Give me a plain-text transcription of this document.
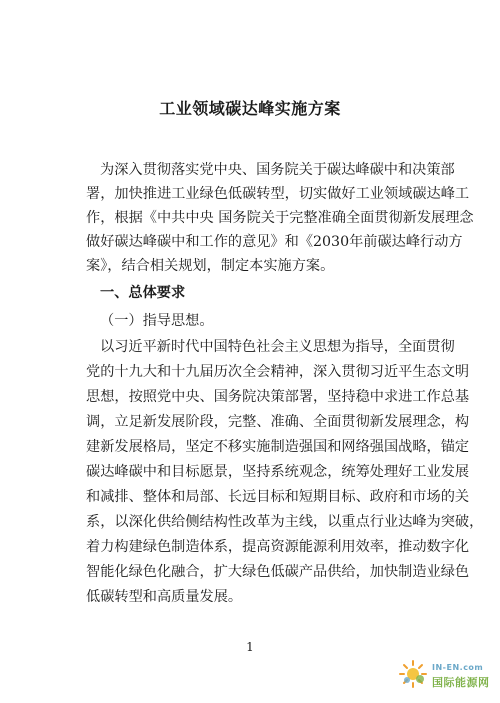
工业领域碳达峰实施方案
为深入贯彻落实党中央、国务院关于碳达峰碳中和决策部
署，加快推进工业绿色低碳转型，切实做好工业领域碳达峰工
作，根据《中共中央 国务院关于完整准确全面贯彻新发展理念
做好碳达峰碳中和工作的意见》和《2030年前碳达峰行动方
案》，结合相关规划，制定本实施方案。
一、总体要求
（一）指导思想。
以习近平新时代中国特色社会主义思想为指导，全面贯彻
党的十九大和十九届历次全会精神，深入贯彻习近平生态文明
思想，按照党中央、国务院决策部署，坚持稳中求进工作总基
调，立足新发展阶段，完整、准确、全面贯彻新发展理念，构
建新发展格局，坚定不移实施制造强国和网络强国战略，锚定
碳达峰碳中和目标愿景，坚持系统观念，统筹处理好工业发展
和减排、整体和局部、长远目标和短期目标、政府和市场的关
系，以深化供给侧结构性改革为主线，以重点行业达峰为突破，
着力构建绿色制造体系，提高资源能源利用效率，推动数字化
智能化绿色化融合，扩大绿色低碳产品供给，加快制造业绿色
低碳转型和高质量发展。
1
IN-EN.com
国际能源网
